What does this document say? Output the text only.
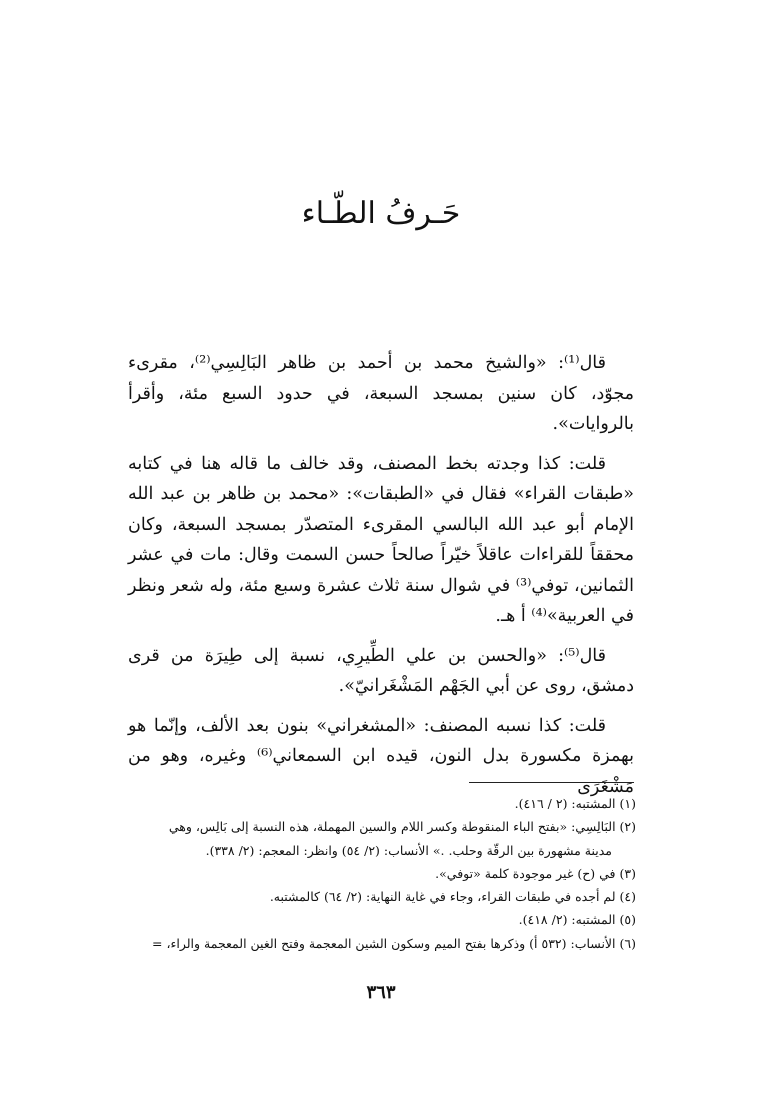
حَـرفُ الطّـاء

قال⁽¹⁾: «والشيخ محمد بن أحمد بن ظاهر البَالِسِي⁽²⁾، مقرىء مجوّد، كان سنين بمسجد السبعة، في حدود السبع مئة، وأقرأ بالروايات».

قلت: كذا وجدته بخط المصنف، وقد خالف ما قاله هنا في كتابه «طبقات القراء» فقال في «الطبقات»: «محمد بن ظاهر بن عبد الله الإمام أبو عبد الله البالسي المقرىء المتصدّر بمسجد السبعة، وكان محققاً للقراءات عاقلاً خيّراً صالحاً حسن السمت وقال: مات في عشر الثمانين، توفي⁽³⁾ في شوال سنة ثلاث عشرة وسبع مئة، وله شعر ونظر في العربية»⁽⁴⁾ أ هـ.

قال⁽⁵⁾: «والحسن بن علي الطِّيرِي، نسبة إلى طِيرَة من قرى دمشق، روى عن أبي الجَهْم المَشْغَرانيّ».

قلت: كذا نسبه المصنف: «المشغراني» بنون بعد الألف، وإنّما هو بهمزة مكسورة بدل النون، قيده ابن السمعاني⁽⁶⁾ وغيره، وهو من مَشْغَرَى

(١) المشتبه: (٢ / ٤١٦).
(٢) البَالِسِي: «بفتح الباء المنقوطة وكسر اللام والسين المهملة، هذه النسبة إلى بَالِس، وهي
مدينة مشهورة بين الرقّة وحلب. .» الأنساب: (٢/ ٥٤) وانظر: المعجم: (٢/ ٣٣٨).
(٣) في (ح) غير موجودة كلمة «توفي».
(٤) لم أجده في طبقات القراء، وجاء في غاية النهاية: (٢/ ٦٤) كالمشتبه.
(٥) المشتبه: (٢/ ٤١٨).
(٦) الأنساب: (٥٣٢ أ) وذكرها بفتح الميم وسكون الشين المعجمة وفتح الغين المعجمة والراء، =
٣٦٣
